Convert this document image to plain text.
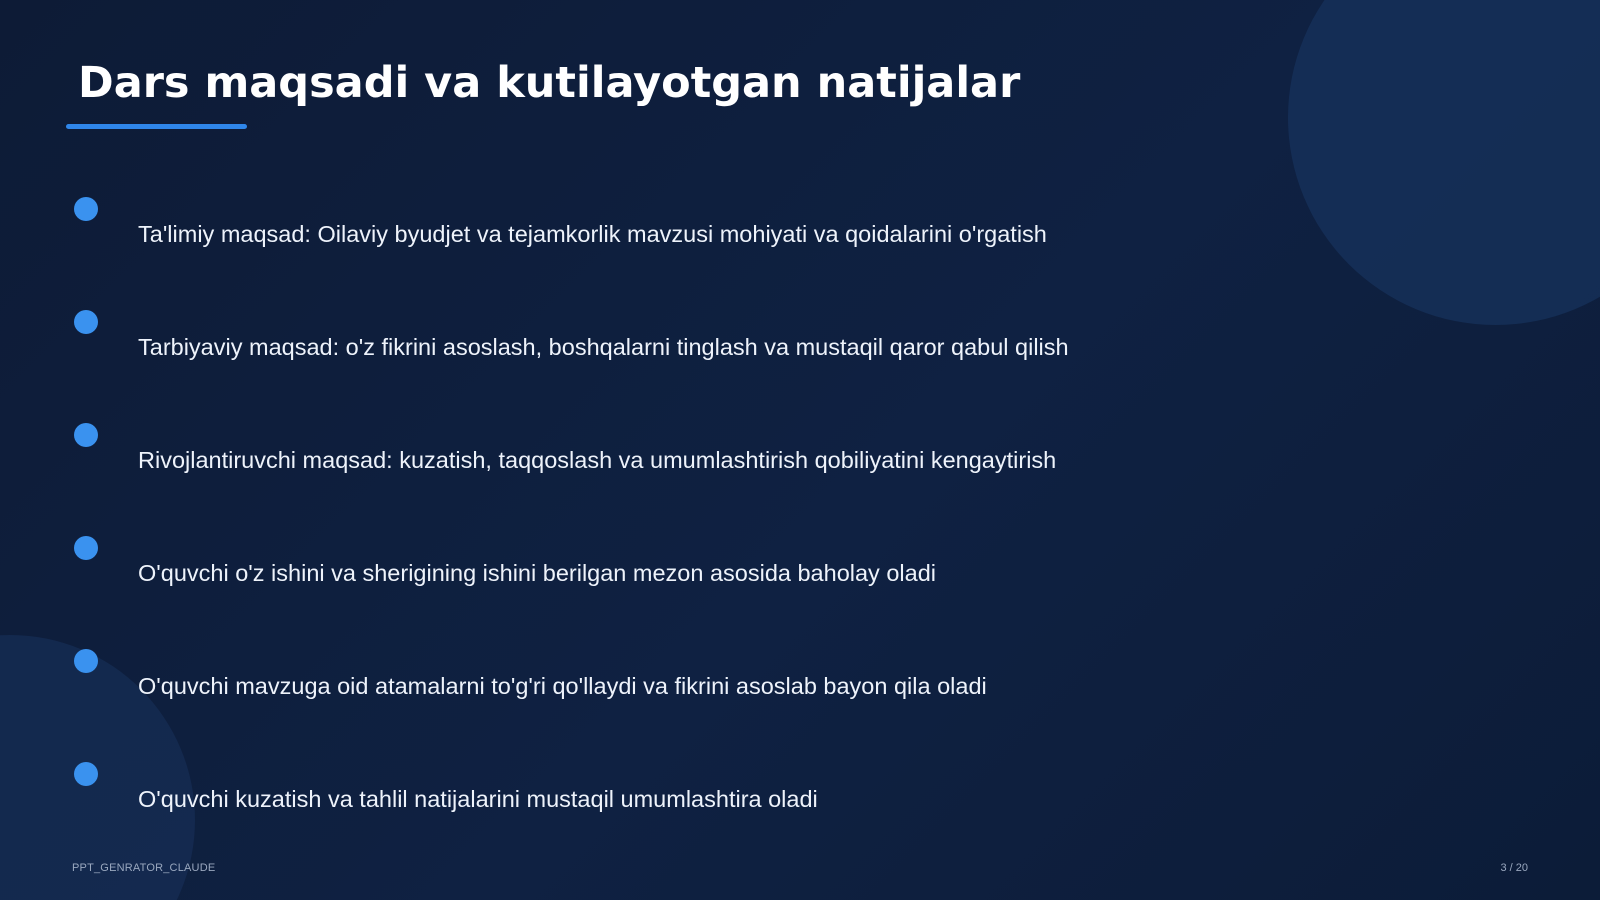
Dars maqsadi va kutilayotgan natijalar
Ta'limiy maqsad: Oilaviy byudjet va tejamkorlik mavzusi mohiyati va qoidalarini o'rgatish
Tarbiyaviy maqsad: o'z fikrini asoslash, boshqalarni tinglash va mustaqil qaror qabul qilish
Rivojlantiruvchi maqsad: kuzatish, taqqoslash va umumlashtirish qobiliyatini kengaytirish
O'quvchi o'z ishini va sherigining ishini berilgan mezon asosida baholay oladi
O'quvchi mavzuga oid atamalarni to'g'ri qo'llaydi va fikrini asoslab bayon qila oladi
O'quvchi kuzatish va tahlil natijalarini mustaqil umumlashtira oladi
PPT_GENRATOR_CLAUDE	3 / 20
